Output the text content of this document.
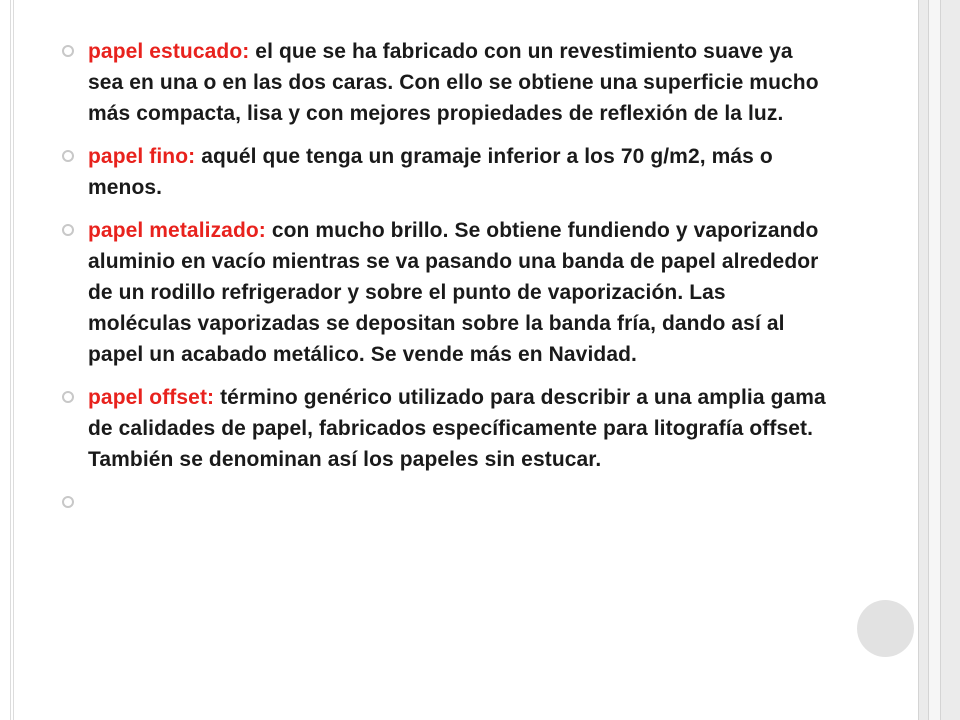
papel estucado: el que se ha fabricado con un revestimiento suave ya sea en una o en las dos caras. Con ello se obtiene una superficie mucho más compacta, lisa y con mejores propiedades de reflexión de la luz.
papel fino: aquél que tenga un gramaje inferior a los 70 g/m2, más o menos.
papel metalizado: con mucho brillo. Se obtiene fundiendo y vaporizando aluminio en vacío mientras se va pasando una banda de papel alrededor de un rodillo refrigerador y sobre el punto de vaporización. Las moléculas vaporizadas se depositan sobre la banda fría, dando así al papel un acabado metálico. Se vende más en Navidad.
papel offset: término genérico utilizado para describir a una amplia gama de calidades de papel, fabricados específicamente para litografía offset. También se denominan así los papeles sin estucar.
